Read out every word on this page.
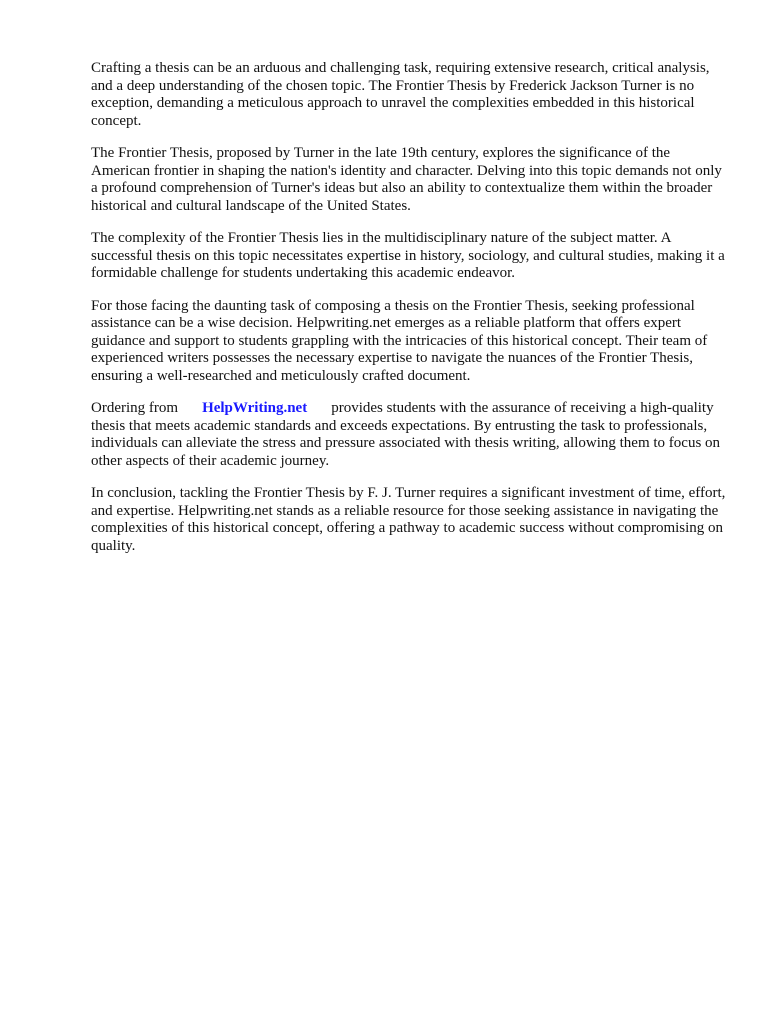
Crafting a thesis can be an arduous and challenging task, requiring extensive research, critical analysis, and a deep understanding of the chosen topic. The Frontier Thesis by Frederick Jackson Turner is no exception, demanding a meticulous approach to unravel the complexities embedded in this historical concept.

The Frontier Thesis, proposed by Turner in the late 19th century, explores the significance of the American frontier in shaping the nation's identity and character. Delving into this topic demands not only a profound comprehension of Turner's ideas but also an ability to contextualize them within the broader historical and cultural landscape of the United States.

The complexity of the Frontier Thesis lies in the multidisciplinary nature of the subject matter. A successful thesis on this topic necessitates expertise in history, sociology, and cultural studies, making it a formidable challenge for students undertaking this academic endeavor.

For those facing the daunting task of composing a thesis on the Frontier Thesis, seeking professional assistance can be a wise decision. Helpwriting.net emerges as a reliable platform that offers expert guidance and support to students grappling with the intricacies of this historical concept. Their team of experienced writers possesses the necessary expertise to navigate the nuances of the Frontier Thesis, ensuring a well-researched and meticulously crafted document.

Ordering from HelpWriting.net provides students with the assurance of receiving a high-quality thesis that meets academic standards and exceeds expectations. By entrusting the task to professionals, individuals can alleviate the stress and pressure associated with thesis writing, allowing them to focus on other aspects of their academic journey.

In conclusion, tackling the Frontier Thesis by F. J. Turner requires a significant investment of time, effort, and expertise. Helpwriting.net stands as a reliable resource for those seeking assistance in navigating the complexities of this historical concept, offering a pathway to academic success without compromising on quality.
